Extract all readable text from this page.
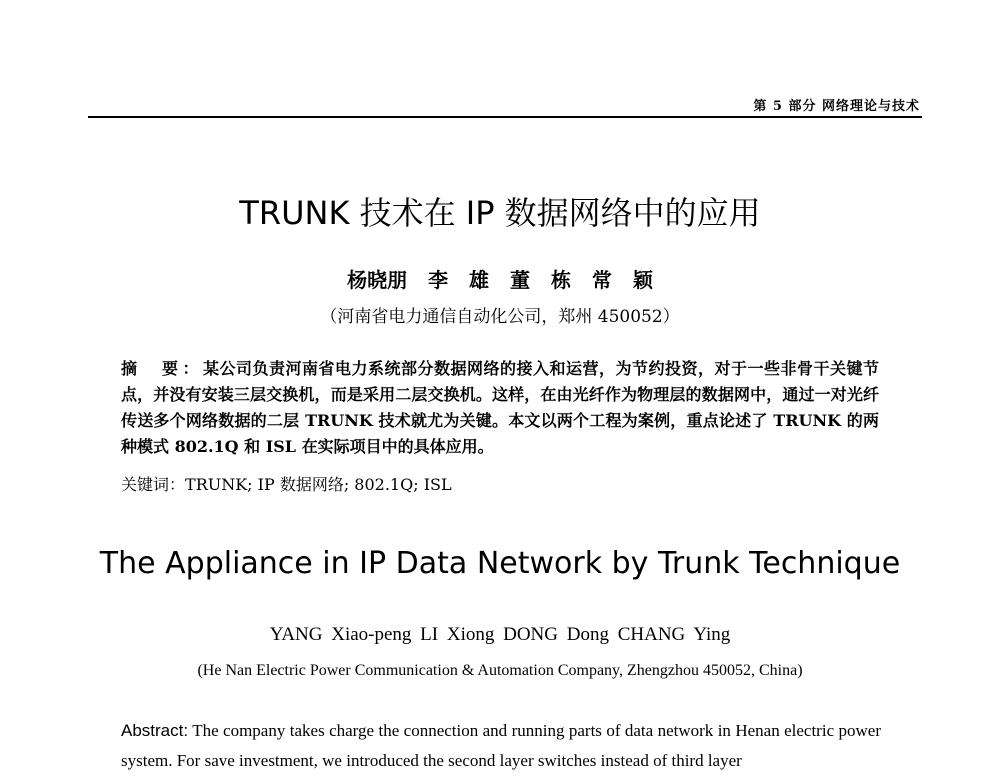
第 5 部分 网络理论与技术
TRUNK 技术在 IP 数据网络中的应用
杨晓朋 李 雄 董 栋 常 颖
（河南省电力通信自动化公司，郑州 450052）
摘　要：某公司负责河南省电力系统部分数据网络的接入和运营，为节约投资，对于一些非骨干关键节点，并没有安装三层交换机，而是采用二层交换机。这样，在由光纤作为物理层的数据网中，通过一对光纤传送多个网络数据的二层 TRUNK 技术就尤为关键。本文以两个工程为案例，重点论述了 TRUNK 的两种模式 802.1Q 和 ISL 在实际项目中的具体应用。
关键词：TRUNK; IP 数据网络; 802.1Q; ISL
The Appliance in IP Data Network by Trunk Technique
YANG Xiao-peng LI Xiong DONG Dong CHANG Ying
(He Nan Electric Power Communication & Automation Company, Zhengzhou 450052, China)
Abstract: The company takes charge the connection and running parts of data network in Henan electric power system. For save investment, we introduced the second layer switches instead of third layer
